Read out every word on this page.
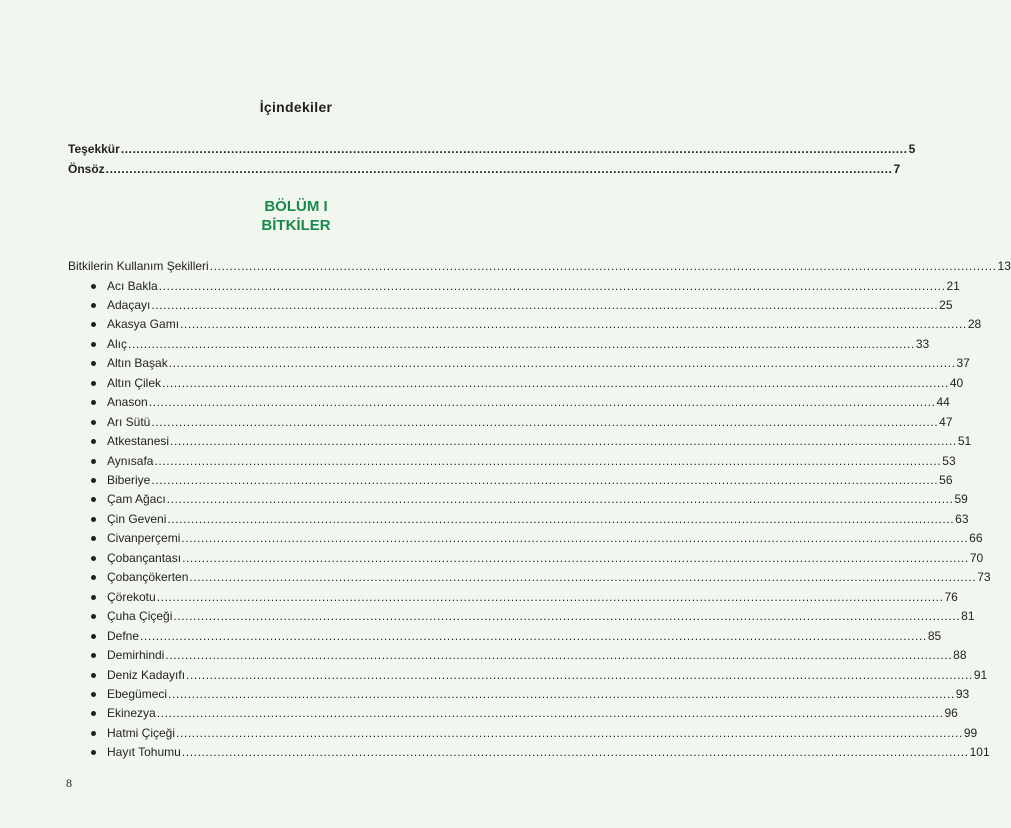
İçindekiler
Teşekkür ........................................................................................................................................................................................................ 5
Önsöz ........................................................................................................................................................................................................ 7
BÖLÜM I
BİTKİLER
Bitkilerin Kullanım Şekilleri ........................................................................................................................................................................................................ 13
Acı Bakla ........................................................................................................................................................................................................ 21
Adaçayı ........................................................................................................................................................................................................ 25
Akasya Gamı ........................................................................................................................................................................................................ 28
Alıç ........................................................................................................................................................................................................ 33
Altın Başak ........................................................................................................................................................................................................ 37
Altın Çilek ........................................................................................................................................................................................................ 40
Anason ........................................................................................................................................................................................................ 44
Arı Sütü ........................................................................................................................................................................................................ 47
Atkestanesi ........................................................................................................................................................................................................ 51
Aynısafa ........................................................................................................................................................................................................ 53
Biberiye ........................................................................................................................................................................................................ 56
Çam Ağacı ........................................................................................................................................................................................................ 59
Çin Geveni ........................................................................................................................................................................................................ 63
Civanperçemi ........................................................................................................................................................................................................ 66
Çobançantası ........................................................................................................................................................................................................ 70
Çobançökerten ........................................................................................................................................................................................................ 73
Çörekotu ........................................................................................................................................................................................................ 76
Çuha Çiçeği ........................................................................................................................................................................................................ 81
Defne ........................................................................................................................................................................................................ 85
Demirhindi ........................................................................................................................................................................................................ 88
Deniz Kadayıfı ........................................................................................................................................................................................................ 91
Ebegümeci ........................................................................................................................................................................................................ 93
Ekinezya ........................................................................................................................................................................................................ 96
Hatmi Çiçeği ........................................................................................................................................................................................................ 99
Hayıt Tohumu ........................................................................................................................................................................................................ 101
8
